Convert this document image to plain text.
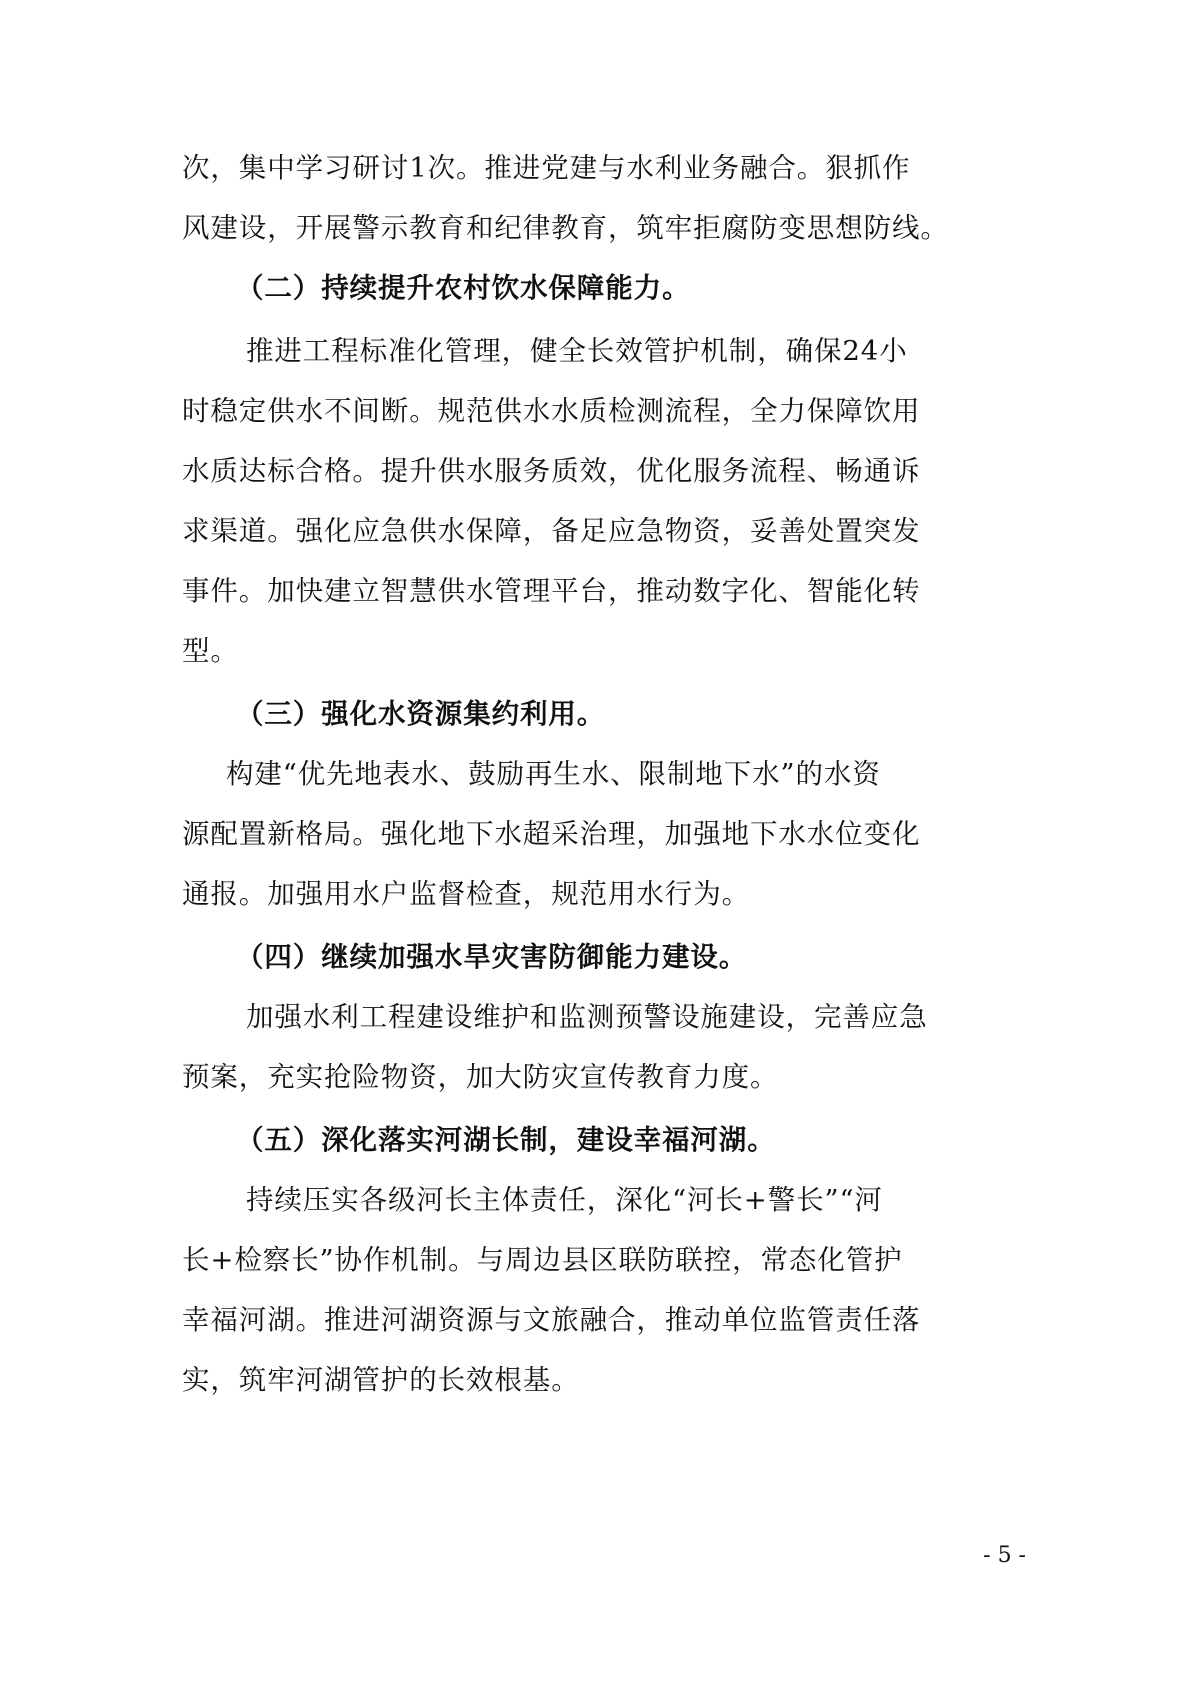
次，集中学习研讨1次。推进党建与水利业务融合。狠抓作
风建设，开展警示教育和纪律教育，筑牢拒腐防变思想防线。
（二）持续提升农村饮水保障能力。
推进工程标准化管理，健全长效管护机制，确保24小
时稳定供水不间断。规范供水水质检测流程，全力保障饮用
水质达标合格。提升供水服务质效，优化服务流程、畅通诉
求渠道。强化应急供水保障，备足应急物资，妥善处置突发
事件。加快建立智慧供水管理平台，推动数字化、智能化转
型。
（三）强化水资源集约利用。
构建“优先地表水、鼓励再生水、限制地下水”的水资
源配置新格局。强化地下水超采治理，加强地下水水位变化
通报。加强用水户监督检查，规范用水行为。
（四）继续加强水旱灾害防御能力建设。
加强水利工程建设维护和监测预警设施建设，完善应急
预案，充实抢险物资，加大防灾宣传教育力度。
（五）深化落实河湖长制，建设幸福河湖。
持续压实各级河长主体责任，深化“河长+警长”“河
长+检察长”协作机制。与周边县区联防联控，常态化管护
幸福河湖。推进河湖资源与文旅融合，推动单位监管责任落
实，筑牢河湖管护的长效根基。
- 5 -
